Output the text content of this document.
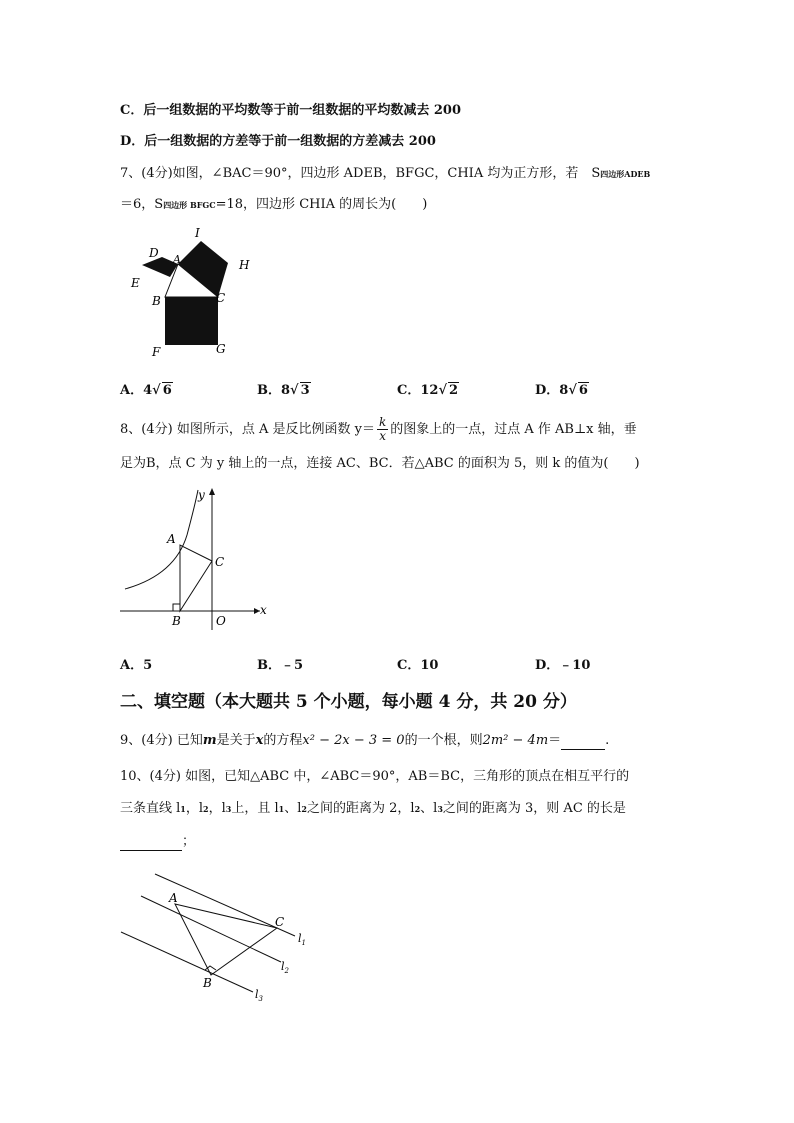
C．后一组数据的平均数等于前一组数据的平均数减去 200
D．后一组数据的方差等于前一组数据的方差减去 200
7、(4分)如图，∠BAC＝90°，四边形 ADEB，BFGC，CHIA 均为正方形，若　S四边形ADEB
＝6，S四边形 BFGC=18，四边形 CHIA 的周长为(　　)
D A
I
H
E
B	C
F	G
A．4√ 6	B．8√ 3	C．12√ 2	D．8√ 6
8、(4分) 如图所示，点 A 是反比例函数 $y= \frac{k}{x}$ 的图象上的一点，过点 A 作 AB⊥x 轴，垂
足为B，点 C 为 y 轴上的一点，连接 AC、BC．若△ABC 的面积为 5，则 k 的值为(　　)
y
A
C
B	O
x
A．5	B．﹣5	C．10	D．﹣10
二、填空题（本大题共 5 个小题，每小题 4 分，共 20 分）
9、(4分) 已知m是关于x的方程x² − 2x − 3 = 0的一个根，则2m² − 4m＝	.
10、(4分) 如图，已知△ABC 中，∠ABC＝90°，AB＝BC，三角形的顶点在相互平行的
三条直线 l1，l2，l3上，且 l1、l2之间的距离为 2，l2、l3之间的距离为 3，则 AC 的长是
；
A
C
B
$l_1$
$l_2$
$l_3$
